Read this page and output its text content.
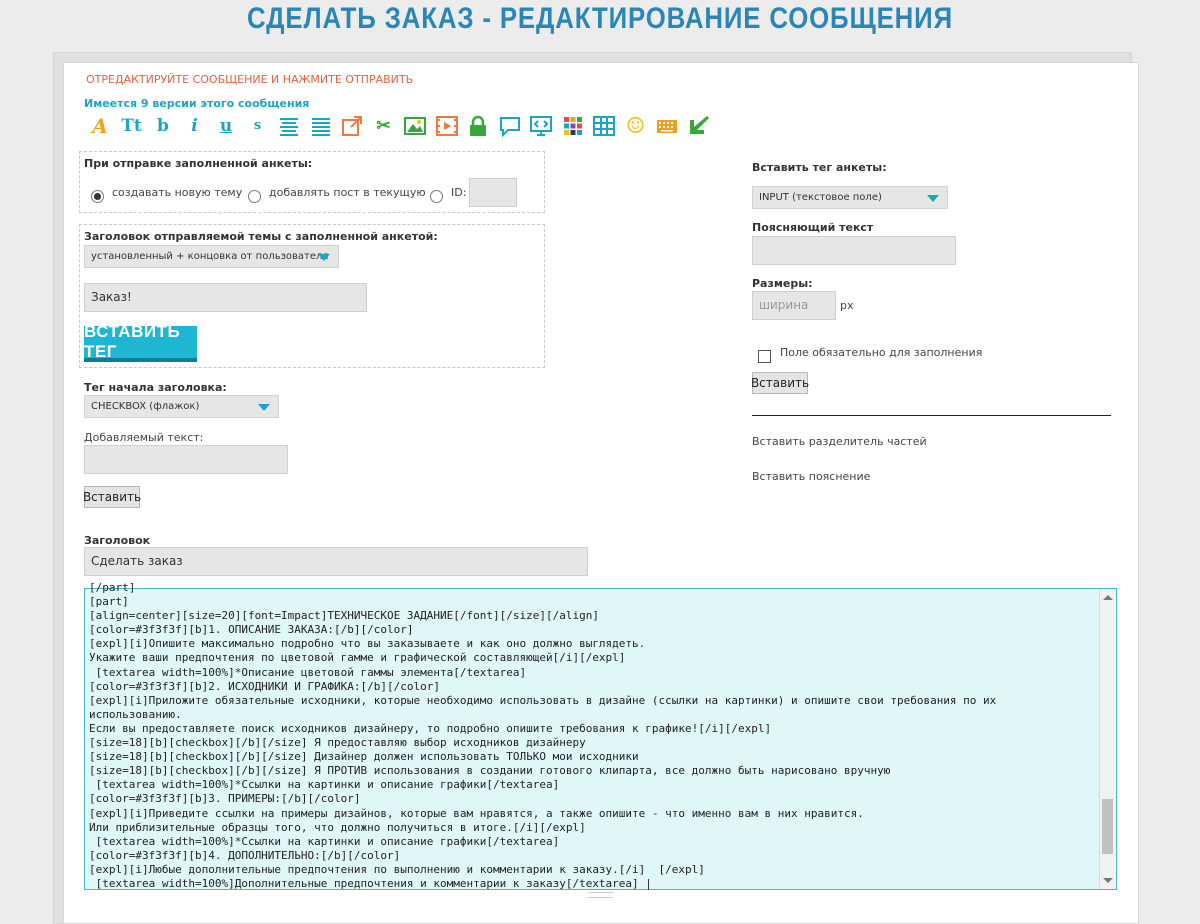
СДЕЛАТЬ ЗАКАЗ - РЕДАКТИРОВАНИЕ СООБЩЕНИЯ
ОТРЕДАКТИРУЙТЕ СООБЩЕНИЕ И НАЖМИТЕ ОТПРАВИТЬ
Имеется 9 версии этого сообщения
A Tt b	i	u	s	✂	☺
При отправке заполненной анкеты:
создавать новую тему добавлять пост в текущую ID:
Заголовок отправляемой темы с заполненной анкетой:
установленный + концовка от пользователя
Заказ!
ВСТАВИТЬ ТЕГ
Тег начала заголовка:
CHECKBOX (флажок)
Добавляемый текст:
Вставить
Заголовок
Сделать заказ
Вставить тег анкеты:
INPUT (текстовое поле)
Поясняющий текст
Размеры:
ширина	px
Поле обязательно для заполнения
Вставить
Вставить разделитель частей
Вставить пояснение
[/part]
[part]
[align=center][size=20][font=Impact]ТЕХНИЧЕСКОЕ ЗАДАНИЕ[/font][/size][/align]
[color=#3f3f3f][b]1. ОПИСАНИЕ ЗАКАЗА:[/b][/color]
[expl][i]Опишите максимально подробно что вы заказываете и как оно должно выглядеть.
Укажите ваши предпочтения по цветовой гамме и графической составляющей[/i][/expl]
[textarea width=100%]*Описание цветовой гаммы элемента[/textarea]
[color=#3f3f3f][b]2. ИСХОДНИКИ И ГРАФИКА:[/b][/color]
[expl][i]Приложите обязательные исходники, которые необходимо использовать в дизайне (ссылки на картинки) и опишите свои требования по их
использованию.
Если вы предоставляете поиск исходников дизайнеру, то подробно опишите требования к графике![/i][/expl]
[size=18][b][checkbox][/b][/size] Я предоставляю выбор исходников дизайнеру
[size=18][b][checkbox][/b][/size] Дизайнер должен использовать ТОЛЬКО мои исходники
[size=18][b][checkbox][/b][/size] Я ПРОТИВ использования в создании готового клипарта, все должно быть нарисовано вручную
[textarea width=100%]*Ссылки на картинки и описание графики[/textarea]
[color=#3f3f3f][b]3. ПРИМЕРЫ:[/b][/color]
[expl][i]Приведите ссылки на примеры дизайнов, которые вам нравятся, а также опишите - что именно вам в них нравится.
Или приблизительные образцы того, что должно получиться в итоге.[/i][/expl]
[textarea width=100%]*Ссылки на картинки и описание графики[/textarea]
[color=#3f3f3f][b]4. ДОПОЛНИТЕЛЬНО:[/b][/color]
[expl][i]Любые дополнительные предпочтения по выполнению и комментарии к заказу.[/i]  [/expl]
[textarea width=100%]Дополнительные предпочтения и комментарии к заказу[/textarea] |
